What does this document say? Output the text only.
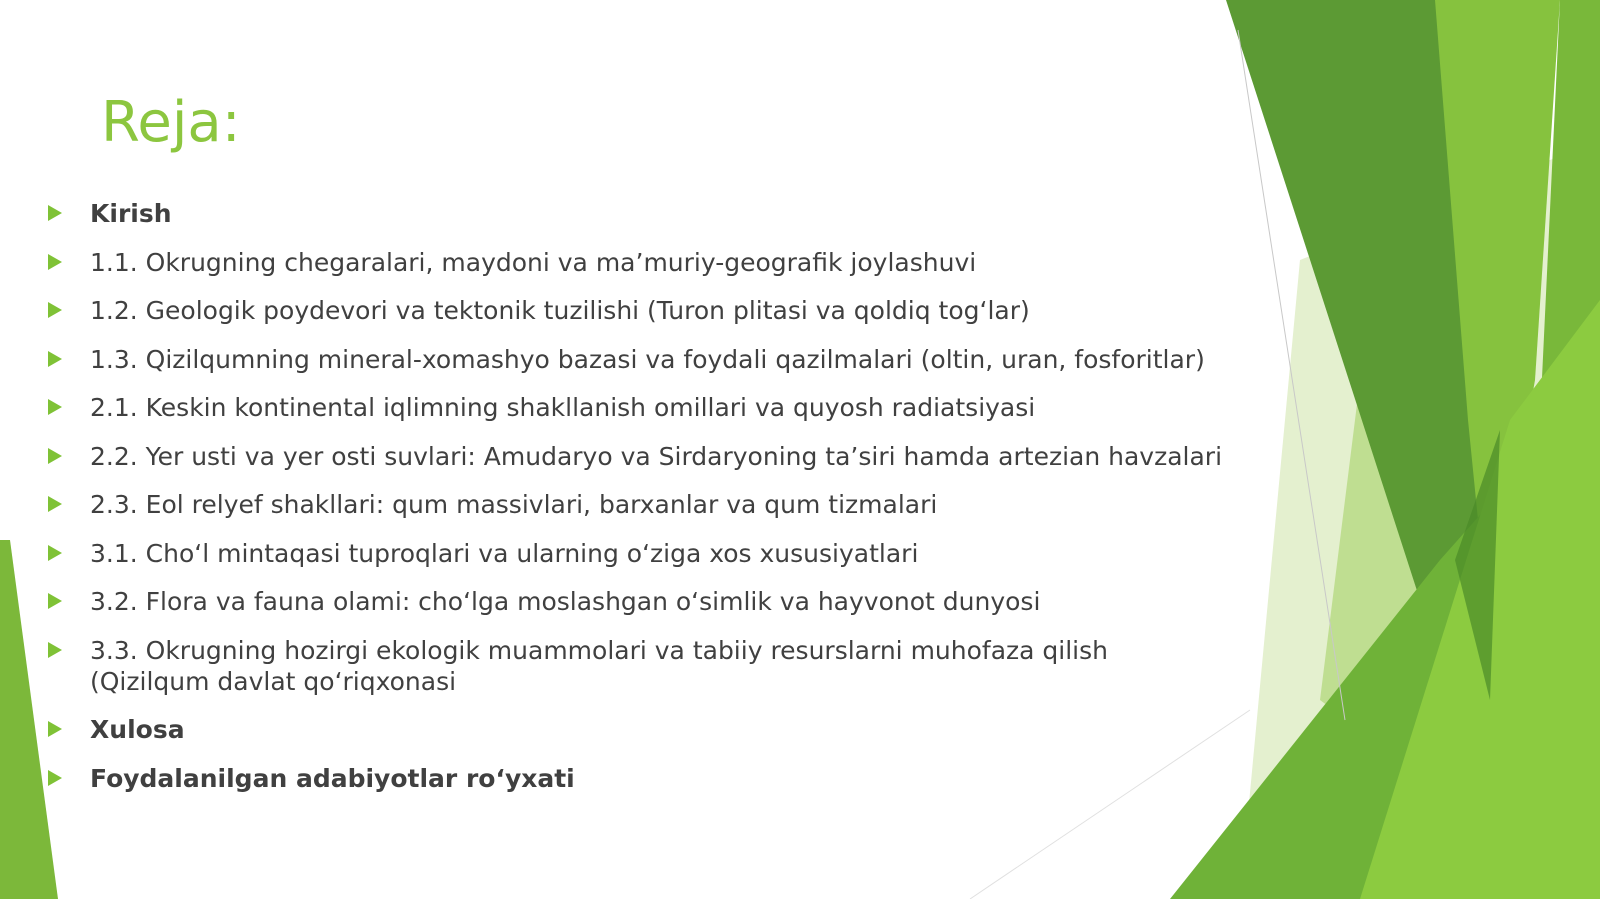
Reja:
Kirish
1.1. Okrugning chegaralari, maydoni va ma’muriy-geografik joylashuvi
1.2. Geologik poydevori va tektonik tuzilishi (Turon plitasi va qoldiq tog‘lar)
1.3. Qizilqumning mineral-xomashyo bazasi va foydali qazilmalari (oltin, uran, fosforitlar)
2.1. Keskin kontinental iqlimning shakllanish omillari va quyosh radiatsiyasi
2.2. Yer usti va yer osti suvlari: Amudaryo va Sirdaryoning ta’siri hamda artezian havzalari
2.3. Eol relyef shakllari: qum massivlari, barxanlar va qum tizmalari
3.1. Cho‘l mintaqasi tuproqlari va ularning o‘ziga xos xususiyatlari
3.2. Flora va fauna olami: cho‘lga moslashgan o‘simlik va hayvonot dunyosi
3.3. Okrugning hozirgi ekologik muammolari va tabiiy resurslarni muhofaza qilish (Qizilqum davlat qo‘riqxonasi
Xulosa
Foydalanilgan adabiyotlar ro‘yxati
